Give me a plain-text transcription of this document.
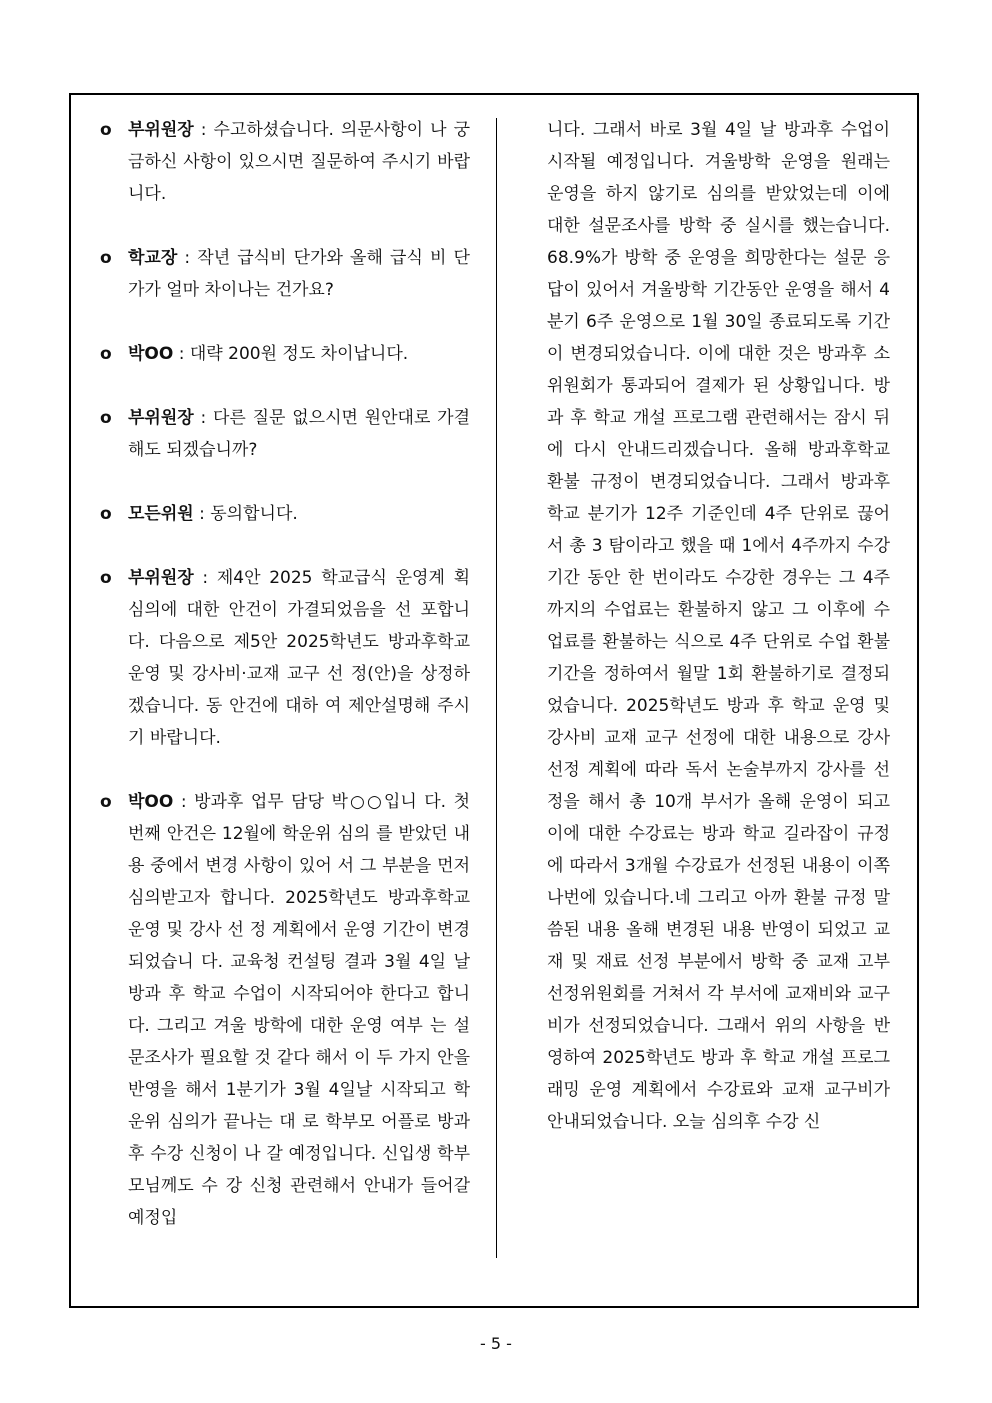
o 부위원장 : 수고하셨습니다. 의문사항이 나 궁금하신 사항이 있으시면 질문하여 주시기 바랍니다.
o 학교장 : 작년 급식비 단가와 올해 급식 비 단가가 얼마 차이나는 건가요?
o 박OO : 대략 200원 정도 차이납니다.
o 부위원장 : 다른 질문 없으시면 원안대로 가결해도 되겠습니까?
o 모든위원 : 동의합니다.
o 부위원장 : 제4안 2025 학교급식 운영계 획 심의에 대한 안건이 가결되었음을 선 포합니다. 다음으로 제5안 2025학년도 방과후학교 운영 및 강사비·교재 교구 선 정(안)을 상정하겠습니다. 동 안건에 대하 여 제안설명해 주시기 바랍니다.
o 박OO : 방과후 업무 담당 박○○입니 다. 첫 번째 안건은 12월에 학운위 심의 를 받았던 내용 중에서 변경 사항이 있어 서 그 부분을 먼저 심의받고자 합니다. 2025학년도 방과후학교 운영 및 강사 선 정 계획에서 운영 기간이 변경되었습니 다. 교육청 컨설팅 결과 3월 4일 날 방과 후 학교 수업이 시작되어야 한다고 합니 다. 그리고 겨울 방학에 대한 운영 여부 는 설문조사가 필요할 것 같다 해서 이 두 가지 안을 반영을 해서 1분기가 3월 4일날 시작되고 학운위 심의가 끝나는 대 로 학부모 어플로 방과후 수강 신청이 나 갈 예정입니다. 신입생 학부모님께도 수 강 신청 관련해서 안내가 들어갈 예정입
니다. 그래서 바로 3월 4일 날 방과후 수업이 시작될 예정입니다. 겨울방학 운영을 원래는 운영을 하지 않기로 심의를 받았었는데 이에 대한 설문조사를 방학 중 실시를 했는습니다. 68.9%가 방학 중 운영을 희망한다는 설문 응답이 있어서 겨울방학 기간동안 운영을 해서 4분기 6주 운영으로 1월 30일 종료되도록 기간이 변경되었습니다. 이에 대한 것은 방과후 소위원회가 통과되어 결제가 된 상황입니다. 방과 후 학교 개설 프로그램 관련해서는 잠시 뒤에 다시 안내드리겠습니다. 올해 방과후학교 환불 규정이 변경되었습니다. 그래서 방과후 학교 분기가 12주 기준인데 4주 단위로 끊어서 총 3 탐이라고 했을 때 1에서 4주까지 수강 기간 동안 한 번이라도 수강한 경우는 그 4주까지의 수업료는 환불하지 않고 그 이후에 수업료를 환불하는 식으로 4주 단위로 수업 환불 기간을 정하여서 월말 1회 환불하기로 결정되었습니다. 2025학년도 방과 후 학교 운영 및 강사비 교재 교구 선정에 대한 내용으로 강사 선정 계획에 따라 독서 논술부까지 강사를 선정을 해서 총 10개 부서가 올해 운영이 되고 이에 대한 수강료는 방과 학교 길라잡이 규정에 따라서 3개월 수강료가 선정된 내용이 이쪽 나번에 있습니다.네 그리고 아까 환불 규정 말씀된 내용 올해 변경된 내용 반영이 되었고 교재 및 재료 선정 부분에서 방학 중 교재 고부 선정위원회를 거쳐서 각 부서에 교재비와 교구비가 선정되었습니다. 그래서 위의 사항을 반영하여 2025학년도 방과 후 학교 개설 프로그래밍 운영 계획에서 수강료와 교재 교구비가 안내되었습니다. 오늘 심의후 수강 신
- 5 -
